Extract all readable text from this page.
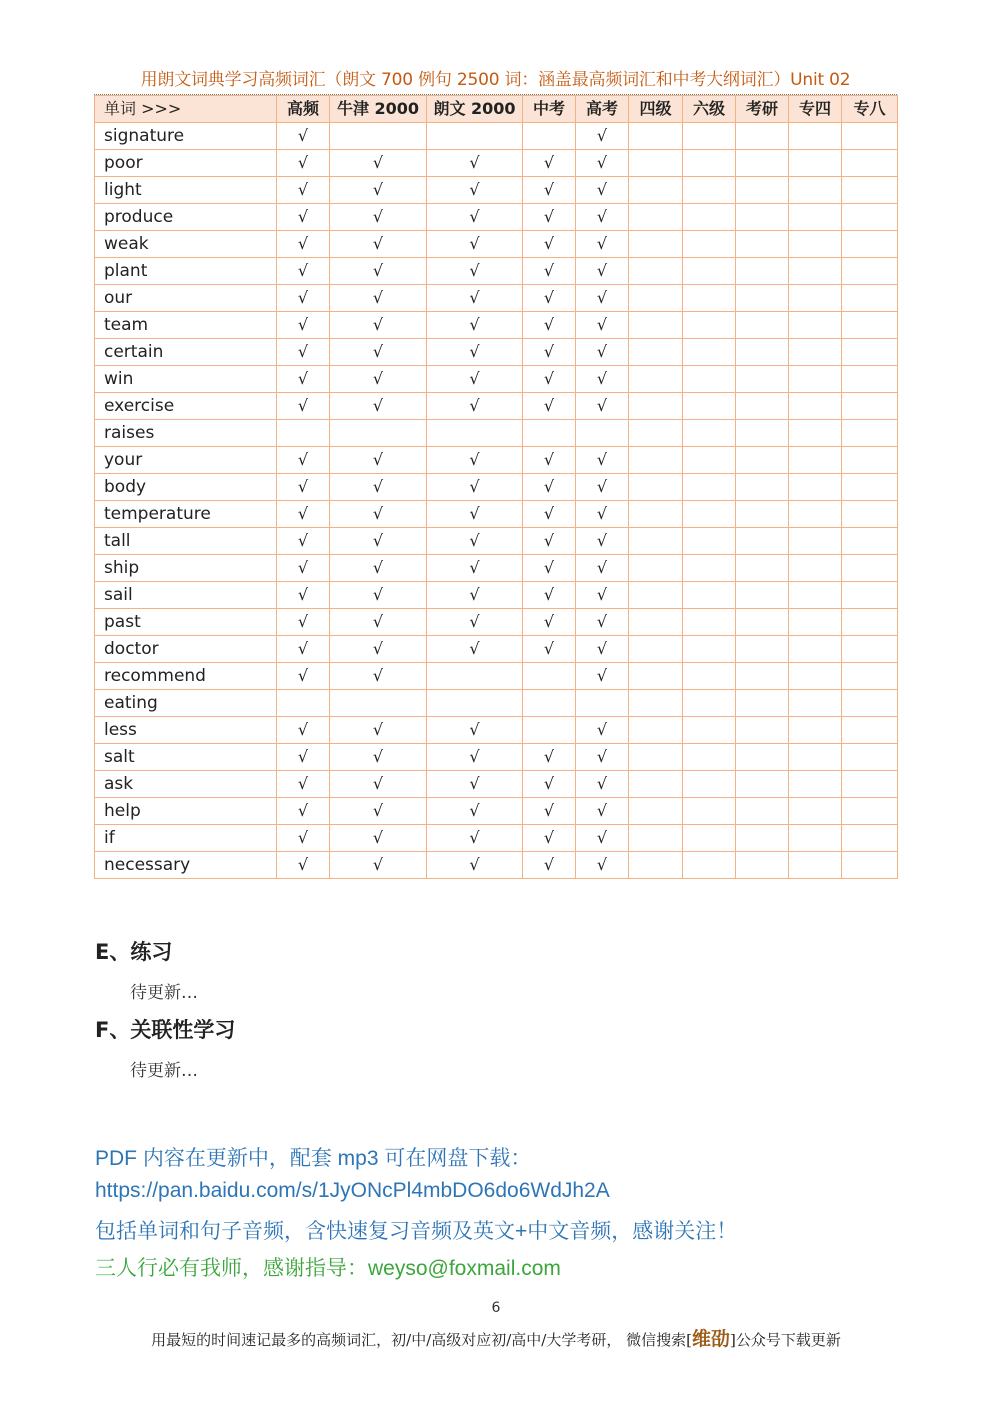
用朗文词典学习高频词汇（朗文 700 例句 2500 词：涵盖最高频词汇和中考大纲词汇）Unit 02
单词 >>>	高频	牛津 2000	朗文 2000	中考	高考	四级	六级	考研	专四	专八
signature	√				√					
poor	√	√	√	√	√					
light	√	√	√	√	√					
produce	√	√	√	√	√					
weak	√	√	√	√	√					
plant	√	√	√	√	√					
our	√	√	√	√	√					
team	√	√	√	√	√					
certain	√	√	√	√	√					
win	√	√	√	√	√					
exercise	√	√	√	√	√					
raises										
your	√	√	√	√	√					
body	√	√	√	√	√					
temperature	√	√	√	√	√					
tall	√	√	√	√	√					
ship	√	√	√	√	√					
sail	√	√	√	√	√					
past	√	√	√	√	√					
doctor	√	√	√	√	√					
recommend	√	√			√					
eating										
less	√	√	√		√					
salt	√	√	√	√	√					
ask	√	√	√	√	√					
help	√	√	√	√	√					
if	√	√	√	√	√					
necessary	√	√	√	√	√					
E、练习
待更新…
F、关联性学习
待更新…
PDF 内容在更新中，配套 mp3 可在网盘下载：
https://pan.baidu.com/s/1JyONcPl4mbDO6do6WdJh2A
包括单词和句子音频，含快速复习音频及英文+中文音频，感谢关注！
三人行必有我师，感谢指导：weyso@foxmail.com
6
用最短的时间速记最多的高频词汇，初/中/高级对应初/高中/大学考研， 微信搜索[维劭]公众号下载更新
